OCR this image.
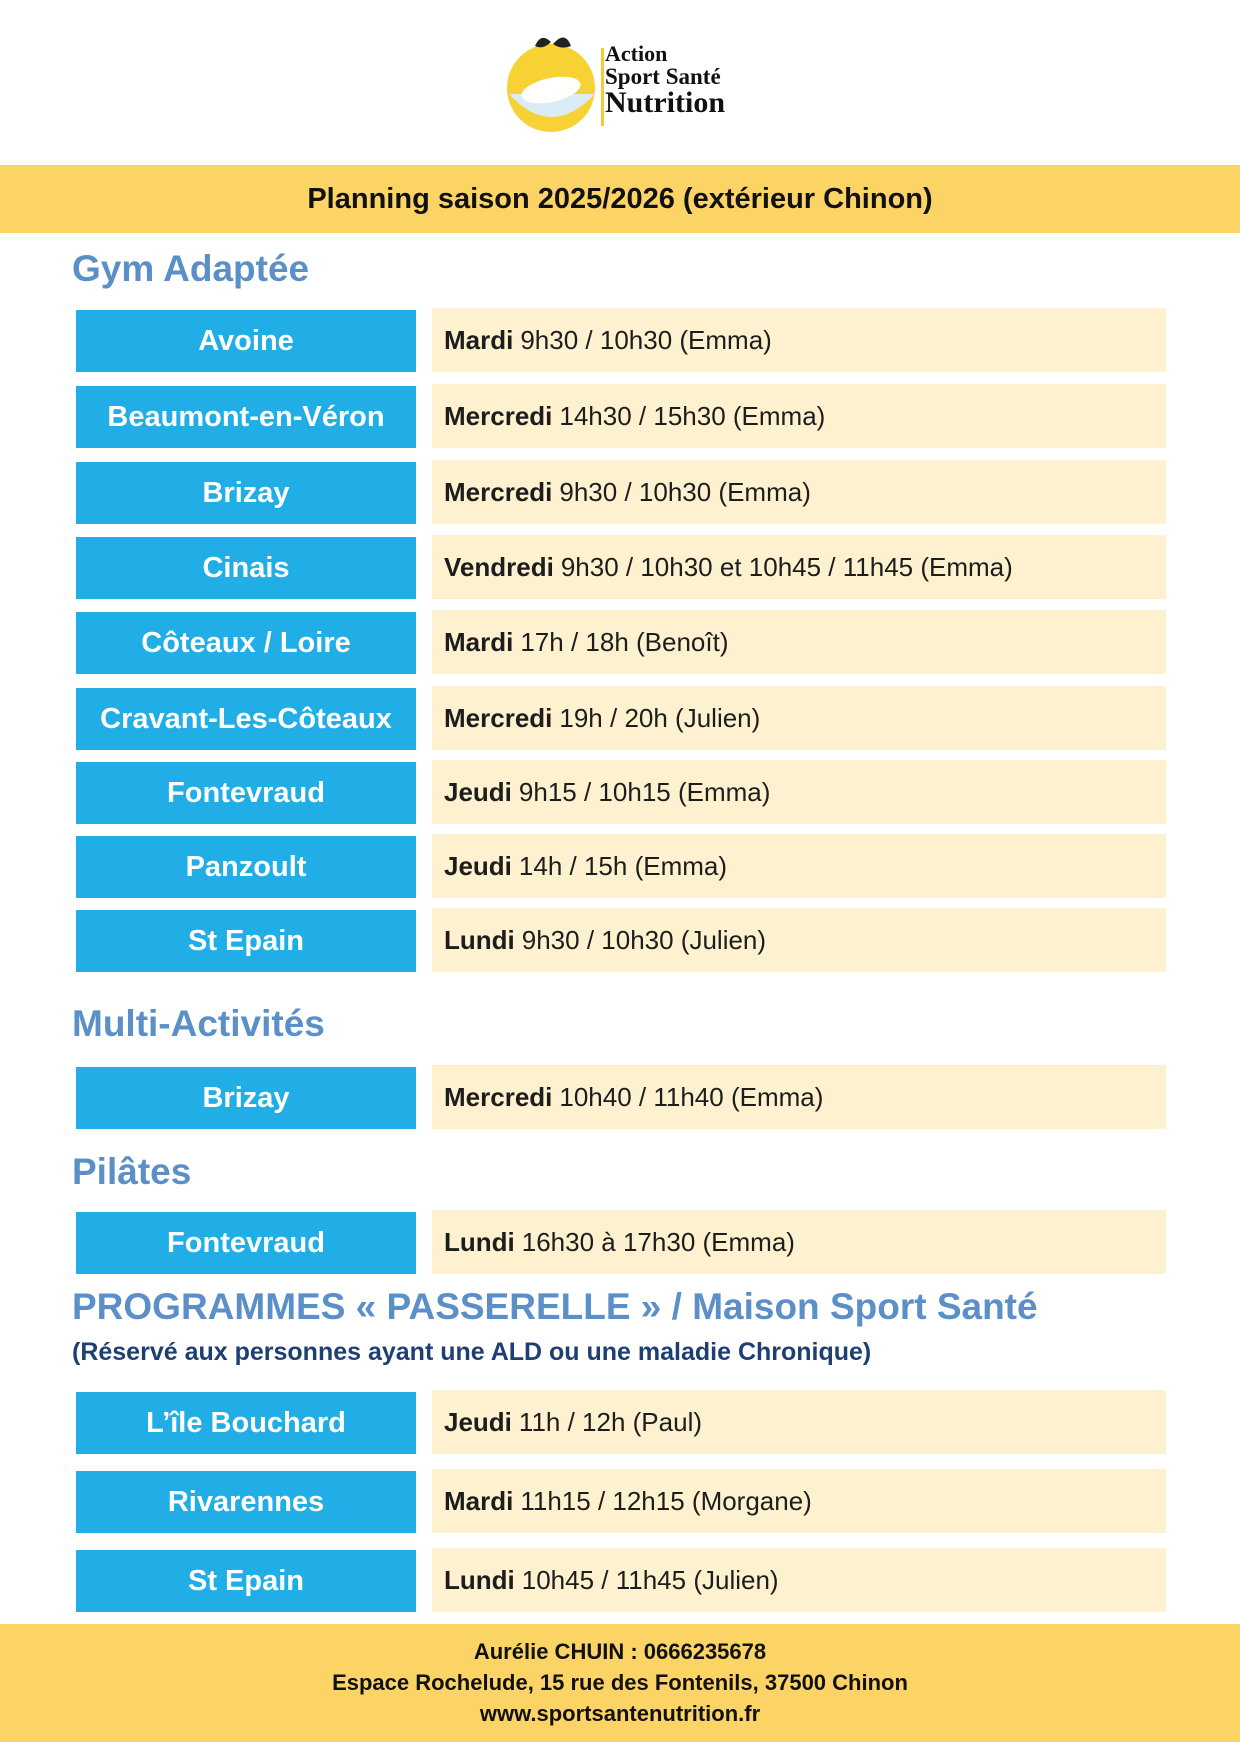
Action
Sport Santé
Nutrition
Planning saison 2025/2026 (extérieur Chinon)
Gym Adaptée
Avoine	Mardi 9h30 / 10h30 (Emma)
Beaumont-en-Véron	Mercredi 14h30 / 15h30 (Emma)
Brizay	Mercredi 9h30 / 10h30 (Emma)
Cinais	Vendredi 9h30 / 10h30 et 10h45 / 11h45 (Emma)
Côteaux / Loire	Mardi 17h / 18h (Benoît)
Cravant-Les-Côteaux	Mercredi 19h / 20h (Julien)
Fontevraud	Jeudi 9h15 / 10h15 (Emma)
Panzoult	Jeudi 14h / 15h (Emma)
St Epain	Lundi 9h30 / 10h30 (Julien)
Multi-Activités
Brizay	Mercredi 10h40 / 11h40 (Emma)
Pilâtes
Fontevraud	Lundi 16h30 à 17h30 (Emma)
PROGRAMMES « PASSERELLE » / Maison Sport Santé
(Réservé aux personnes ayant une ALD ou une maladie Chronique)
L’île Bouchard	Jeudi 11h / 12h (Paul)
Rivarennes	Mardi 11h15 / 12h15 (Morgane)
St Epain	Lundi 10h45 / 11h45 (Julien)
Aurélie CHUIN : 0666235678
Espace Rochelude, 15 rue des Fontenils, 37500 Chinon
www.sportsantenutrition.fr
